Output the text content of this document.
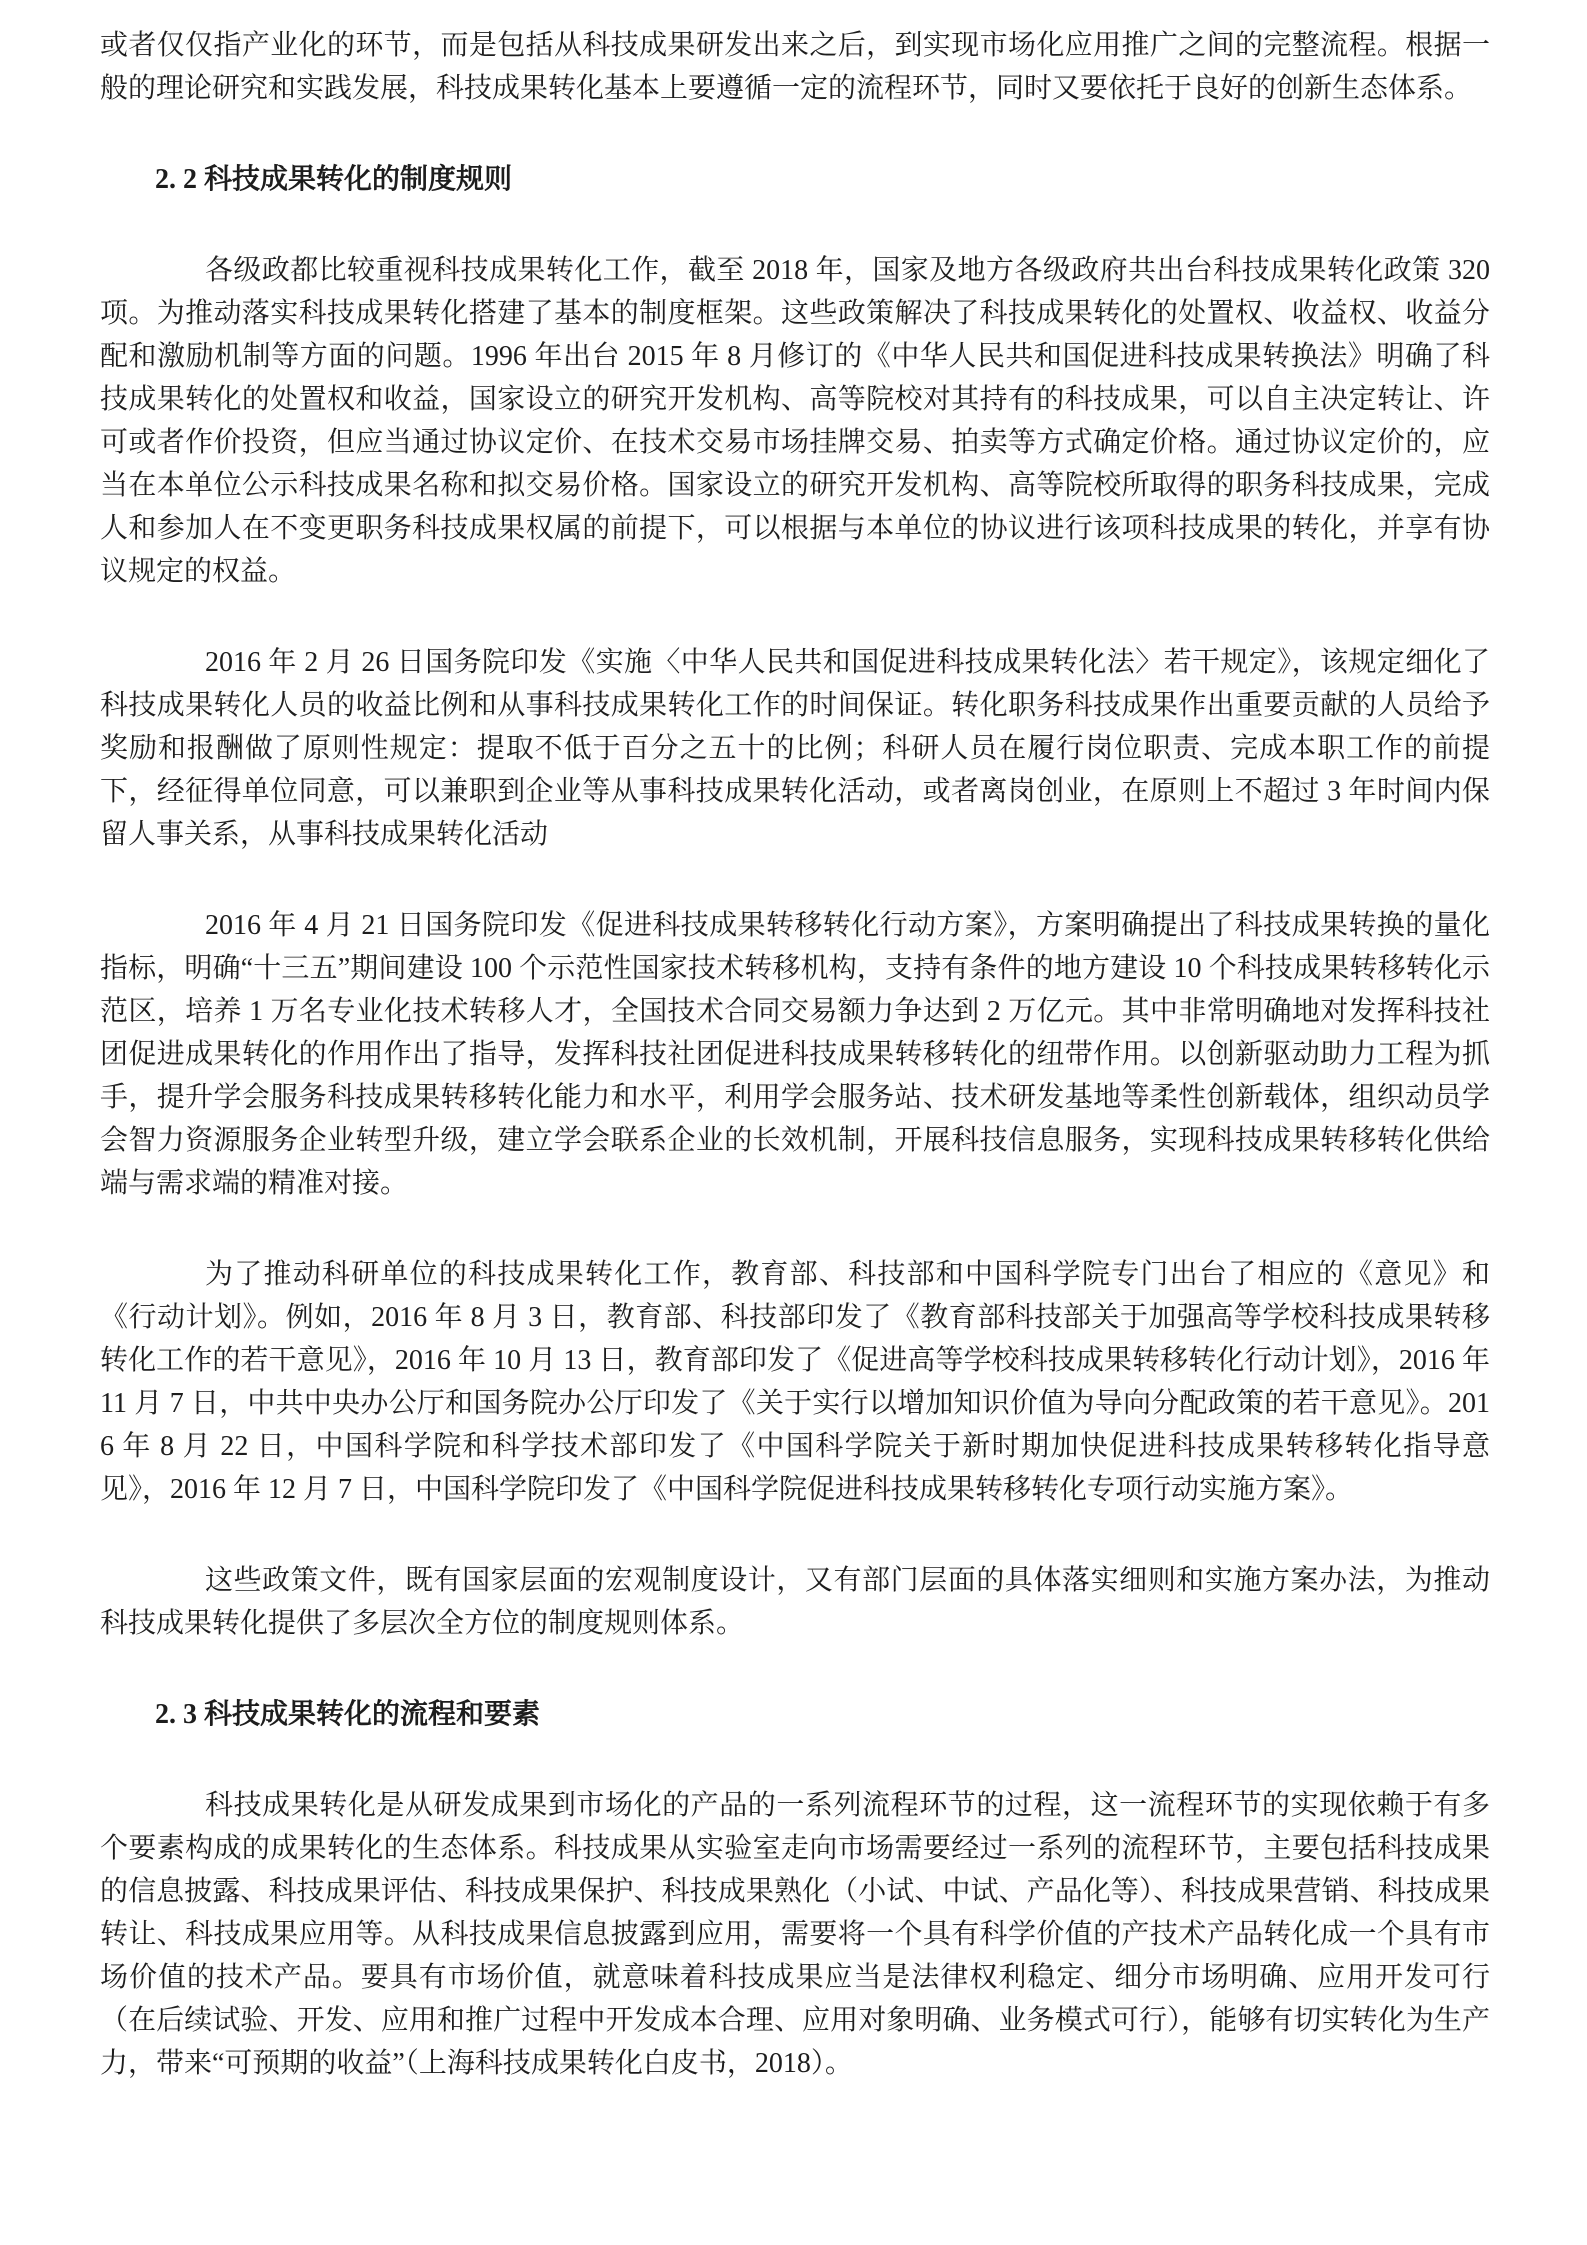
或者仅仅指产业化的环节，而是包括从科技成果研发出来之后，到实现市场化应用推广之间的完整流程。根据一般的理论研究和实践发展，科技成果转化基本上要遵循一定的流程环节，同时又要依托于良好的创新生态体系。

2. 2 科技成果转化的制度规则

各级政都比较重视科技成果转化工作，截至 2018 年，国家及地方各级政府共出台科技成果转化政策 320 项。为推动落实科技成果转化搭建了基本的制度框架。这些政策解决了科技成果转化的处置权、收益权、收益分配和激励机制等方面的问题。1996 年出台 2015 年 8 月修订的《中华人民共和国促进科技成果转换法》明确了科技成果转化的处置权和收益，国家设立的研究开发机构、高等院校对其持有的科技成果，可以自主决定转让、许可或者作价投资，但应当通过协议定价、在技术交易市场挂牌交易、拍卖等方式确定价格。通过协议定价的，应当在本单位公示科技成果名称和拟交易价格。国家设立的研究开发机构、高等院校所取得的职务科技成果，完成人和参加人在不变更职务科技成果权属的前提下，可以根据与本单位的协议进行该项科技成果的转化，并享有协议规定的权益。

2016 年 2 月 26 日国务院印发《实施〈中华人民共和国促进科技成果转化法〉若干规定》，该规定细化了科技成果转化人员的收益比例和从事科技成果转化工作的时间保证。转化职务科技成果作出重要贡献的人员给予奖励和报酬做了原则性规定：提取不低于百分之五十的比例；科研人员在履行岗位职责、完成本职工作的前提下，经征得单位同意，可以兼职到企业等从事科技成果转化活动，或者离岗创业，在原则上不超过 3 年时间内保留人事关系，从事科技成果转化活动

2016 年 4 月 21 日国务院印发《促进科技成果转移转化行动方案》，方案明确提出了科技成果转换的量化指标，明确“十三五”期间建设 100 个示范性国家技术转移机构，支持有条件的地方建设 10 个科技成果转移转化示范区，培养 1 万名专业化技术转移人才，全国技术合同交易额力争达到 2 万亿元。其中非常明确地对发挥科技社团促进成果转化的作用作出了指导，发挥科技社团促进科技成果转移转化的纽带作用。以创新驱动助力工程为抓手，提升学会服务科技成果转移转化能力和水平，利用学会服务站、技术研发基地等柔性创新载体，组织动员学会智力资源服务企业转型升级，建立学会联系企业的长效机制，开展科技信息服务，实现科技成果转移转化供给端与需求端的精准对接。

为了推动科研单位的科技成果转化工作，教育部、科技部和中国科学院专门出台了相应的《意见》和《行动计划》。例如，2016 年 8 月 3 日，教育部、科技部印发了《教育部科技部关于加强高等学校科技成果转移转化工作的若干意见》，2016 年 10 月 13 日，教育部印发了《促进高等学校科技成果转移转化行动计划》，2016 年 11 月 7 日，中共中央办公厅和国务院办公厅印发了《关于实行以增加知识价值为导向分配政策的若干意见》。2016 年 8 月 22 日，中国科学院和科学技术部印发了《中国科学院关于新时期加快促进科技成果转移转化指导意见》，2016 年 12 月 7 日，中国科学院印发了《中国科学院促进科技成果转移转化专项行动实施方案》。

这些政策文件，既有国家层面的宏观制度设计，又有部门层面的具体落实细则和实施方案办法，为推动科技成果转化提供了多层次全方位的制度规则体系。

2. 3 科技成果转化的流程和要素

科技成果转化是从研发成果到市场化的产品的一系列流程环节的过程，这一流程环节的实现依赖于有多个要素构成的成果转化的生态体系。科技成果从实验室走向市场需要经过一系列的流程环节，主要包括科技成果的信息披露、科技成果评估、科技成果保护、科技成果熟化（小试、中试、产品化等）、科技成果营销、科技成果转让、科技成果应用等。从科技成果信息披露到应用，需要将一个具有科学价值的产技术产品转化成一个具有市场价值的技术产品。要具有市场价值，就意味着科技成果应当是法律权利稳定、细分市场明确、应用开发可行（在后续试验、开发、应用和推广过程中开发成本合理、应用对象明确、业务模式可行），能够有切实转化为生产力，带来“可预期的收益”（上海科技成果转化白皮书，2018）。
